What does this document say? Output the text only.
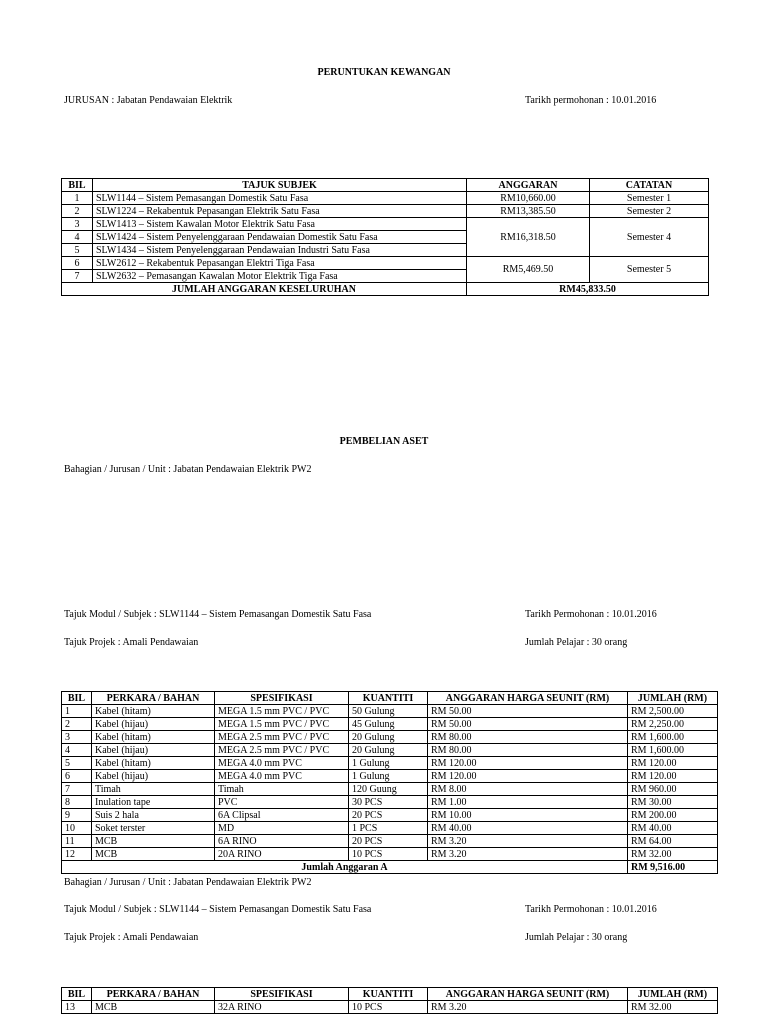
PERUNTUKAN KEWANGAN
JURUSAN : Jabatan Pendawaian Elektrik	Tarikh permohonan : 10.01.2016
BIL	TAJUK SUBJEK	ANGGARAN	CATATAN
1	SLW1144 – Sistem Pemasangan Domestik Satu Fasa	RM10,660.00	Semester 1
2	SLW1224 – Rekabentuk Pepasangan Elektrik Satu Fasa	RM13,385.50	Semester 2
3	SLW1413 – Sistem Kawalan Motor Elektrik Satu Fasa	RM16,318.50	Semester 4
4	SLW1424 – Sistem Penyelenggaraan Pendawaian Domestik Satu Fasa		
5	SLW1434 – Sistem Penyelenggaraan Pendawaian Industri Satu Fasa		
6	SLW2612 – Rekabentuk Pepasangan Elektri Tiga Fasa	RM5,469.50	Semester 5
7	SLW2632 – Pemasangan Kawalan Motor Elektrik Tiga Fasa		
JUMLAH ANGGARAN KESELURUHAN		RM45,833.50	
PEMBELIAN ASET
Bahagian / Jurusan / Unit : Jabatan Pendawaian Elektrik PW2
Tajuk Modul / Subjek : SLW1144 – Sistem Pemasangan Domestik Satu Fasa	Tarikh Permohonan : 10.01.2016
Tajuk Projek : Amali Pendawaian	Jumlah Pelajar : 30 orang
BIL	PERKARA / BAHAN	SPESIFIKASI	KUANTITI	ANGGARAN HARGA SEUNIT (RM)	JUMLAH (RM)
1	Kabel (hitam)	MEGA 1.5 mm PVC / PVC	50 Gulung	RM 50.00	RM 2,500.00
2	Kabel (hijau)	MEGA 1.5 mm PVC / PVC	45 Gulung	RM 50.00	RM 2,250.00
3	Kabel (hitam)	MEGA 2.5 mm PVC / PVC	20 Gulung	RM 80.00	RM 1,600.00
4	Kabel (hijau)	MEGA 2.5 mm PVC / PVC	20 Gulung	RM 80.00	RM 1,600.00
5	Kabel (hitam)	MEGA 4.0 mm PVC	1 Gulung	RM 120.00	RM 120.00
6	Kabel (hijau)	MEGA 4.0 mm PVC	1 Gulung	RM 120.00	RM 120.00
7	Timah	Timah	120 Guung	RM 8.00	RM 960.00
8	Inulation tape	PVC	30 PCS	RM 1.00	RM 30.00
9	Suis 2 hala	6A Clipsal	20 PCS	RM 10.00	RM 200.00
10	Soket terster	MD	1 PCS	RM 40.00	RM 40.00
11	MCB	6A RINO	20 PCS	RM 3.20	RM 64.00
12	MCB	20A RINO	10 PCS	RM 3.20	RM 32.00
Jumlah Anggaran A					RM 9,516.00
Bahagian / Jurusan / Unit : Jabatan Pendawaian Elektrik PW2
Tajuk Modul / Subjek : SLW1144 – Sistem Pemasangan Domestik Satu Fasa	Tarikh Permohonan : 10.01.2016
Tajuk Projek : Amali Pendawaian	Jumlah Pelajar : 30 orang
BIL	PERKARA / BAHAN	SPESIFIKASI	KUANTITI	ANGGARAN HARGA SEUNIT (RM)	JUMLAH (RM)
13	MCB	32A RINO	10 PCS	RM 3.20	RM 32.00
